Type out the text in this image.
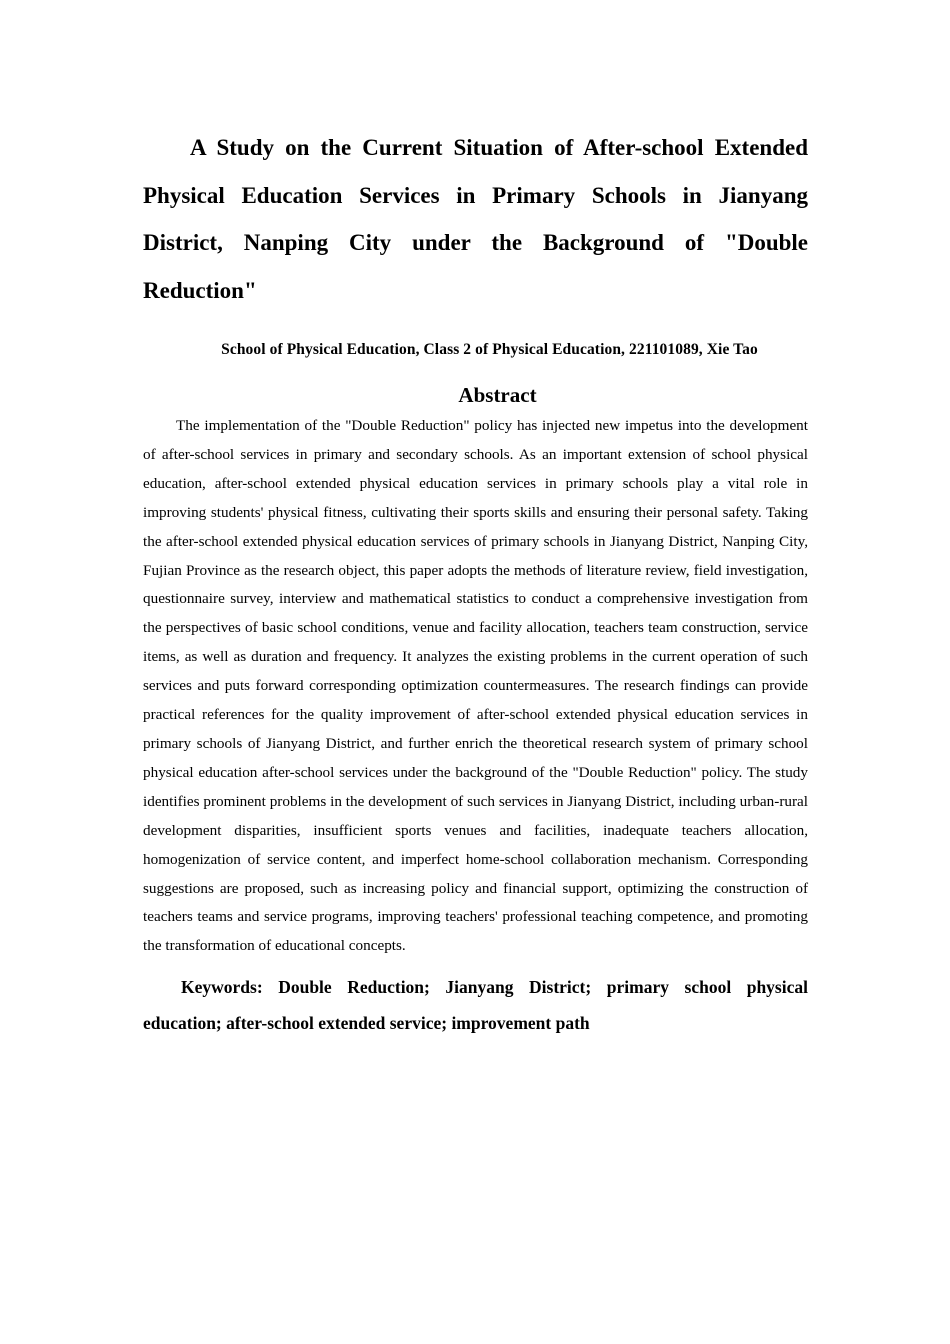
A Study on the Current Situation of After-school Extended Physical Education Services in Primary Schools in Jianyang District, Nanping City under the Background of "Double Reduction"
School of Physical Education, Class 2 of Physical Education, 221101089, Xie Tao
Abstract

The implementation of the "Double Reduction" policy has injected new impetus into the development of after-school services in primary and secondary schools. As an important extension of school physical education, after-school extended physical education services in primary schools play a vital role in improving students' physical fitness, cultivating their sports skills and ensuring their personal safety. Taking the after-school extended physical education services of primary schools in Jianyang District, Nanping City, Fujian Province as the research object, this paper adopts the methods of literature review, field investigation, questionnaire survey, interview and mathematical statistics to conduct a comprehensive investigation from the perspectives of basic school conditions, venue and facility allocation, teachers team construction, service items, as well as duration and frequency. It analyzes the existing problems in the current operation of such services and puts forward corresponding optimization countermeasures. The research findings can provide practical references for the quality improvement of after-school extended physical education services in primary schools of Jianyang District, and further enrich the theoretical research system of primary school physical education after-school services under the background of the "Double Reduction" policy. The study identifies prominent problems in the development of such services in Jianyang District, including urban-rural development disparities, insufficient sports venues and facilities, inadequate teachers allocation, homogenization of service content, and imperfect home-school collaboration mechanism. Corresponding suggestions are proposed, such as increasing policy and financial support, optimizing the construction of teachers teams and service programs, improving teachers' professional teaching competence, and promoting the transformation of educational concepts.

Keywords: Double Reduction; Jianyang District; primary school physical education; after-school extended service; improvement path
